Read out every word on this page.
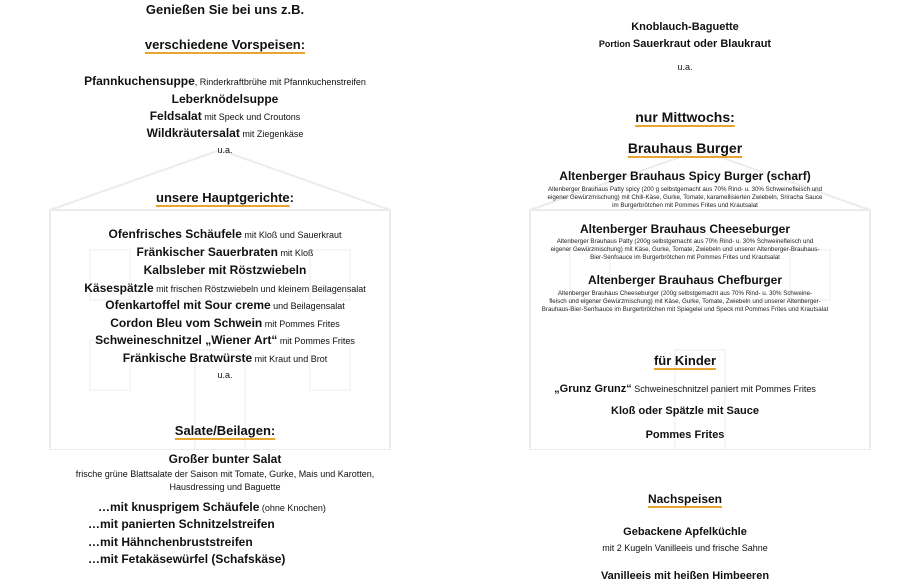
Genießen Sie bei uns z.B.
verschiedene Vorspeisen:
Pfannkuchensuppe, Rinderkraftbrühe mit Pfannkuchenstreifen
Leberknödelsuppe
Feldsalat mit Speck und Croutons
Wildkräutersalat mit Ziegenkäse
u.a.
unsere Hauptgerichte:
Ofenfrisches Schäufele mit Kloß und Sauerkraut
Fränkischer Sauerbraten mit Kloß
Kalbsleber mit Röstzwiebeln
Käsespätzle mit frischen Röstzwiebeln und kleinem Beilagensalat
Ofenkartoffel mit Sour creme und Beilagensalat
Cordon Bleu vom Schwein mit Pommes Frites
Schweineschnitzel „Wiener Art“ mit Pommes Frites
Fränkische Bratwürste mit Kraut und Brot
u.a.
Salate/Beilagen:
Großer bunter Salat
frische grüne Blattsalate der Saison mit Tomate, Gurke, Mais und Karotten,
Hausdressing und Baguette
…mit knusprigem Schäufele (ohne Knochen)
…mit panierten Schnitzelstreifen
…mit Hähnchenbruststreifen
…mit Fetakäsewürfel (Schafskäse)
Knoblauch-Baguette
Portion Sauerkraut oder Blaukraut
u.a.
nur Mittwochs:
Brauhaus Burger
Altenberger Brauhaus Spicy Burger (scharf)
Altenberger Brauhaus Patty spicy (200 g selbstgemacht aus 70% Rind- u. 30% Schweinefleisch und
eigener Gewürzmischung) mit Chili-Käse, Gurke, Tomate, karamellisierten Zwiebeln, Sriracha Sauce
im Burgerbrötchen mit Pommes Frites und Krautsalat
Altenberger Brauhaus Cheeseburger
Altenberger Brauhaus Patty (200g selbstgemacht aus 70% Rind- u. 30% Schweinefleisch und
eigener Gewürzmischung) mit Käse, Gurke, Tomate, Zwiebeln und unserer Altenberger-Brauhaus-
Bier-Senfsauce im Burgerbrötchen mit Pommes Frites und Krautsalat
Altenberger Brauhaus Chefburger
Altenberger Brauhaus Cheeseburger (200g selbstgemacht aus 70% Rind- u. 30% Schweine-
fleisch und eigener Gewürzmischung) mit Käse, Gurke, Tomate, Zwiebeln und unserer Altenberger-
Brauhaus-Bier-Senfsauce im Burgerbrötchen mit Spiegelei und Speck mit Pommes Frites und Krautsalat
für Kinder
„Grunz Grunz“ Schweineschnitzel paniert mit Pommes Frites
Kloß oder Spätzle mit Sauce
Pommes Frites
Nachspeisen
Gebackene Apfelküchle
mit 2 Kugeln Vanilleeis und frische Sahne
Vanilleeis mit heißen Himbeeren
